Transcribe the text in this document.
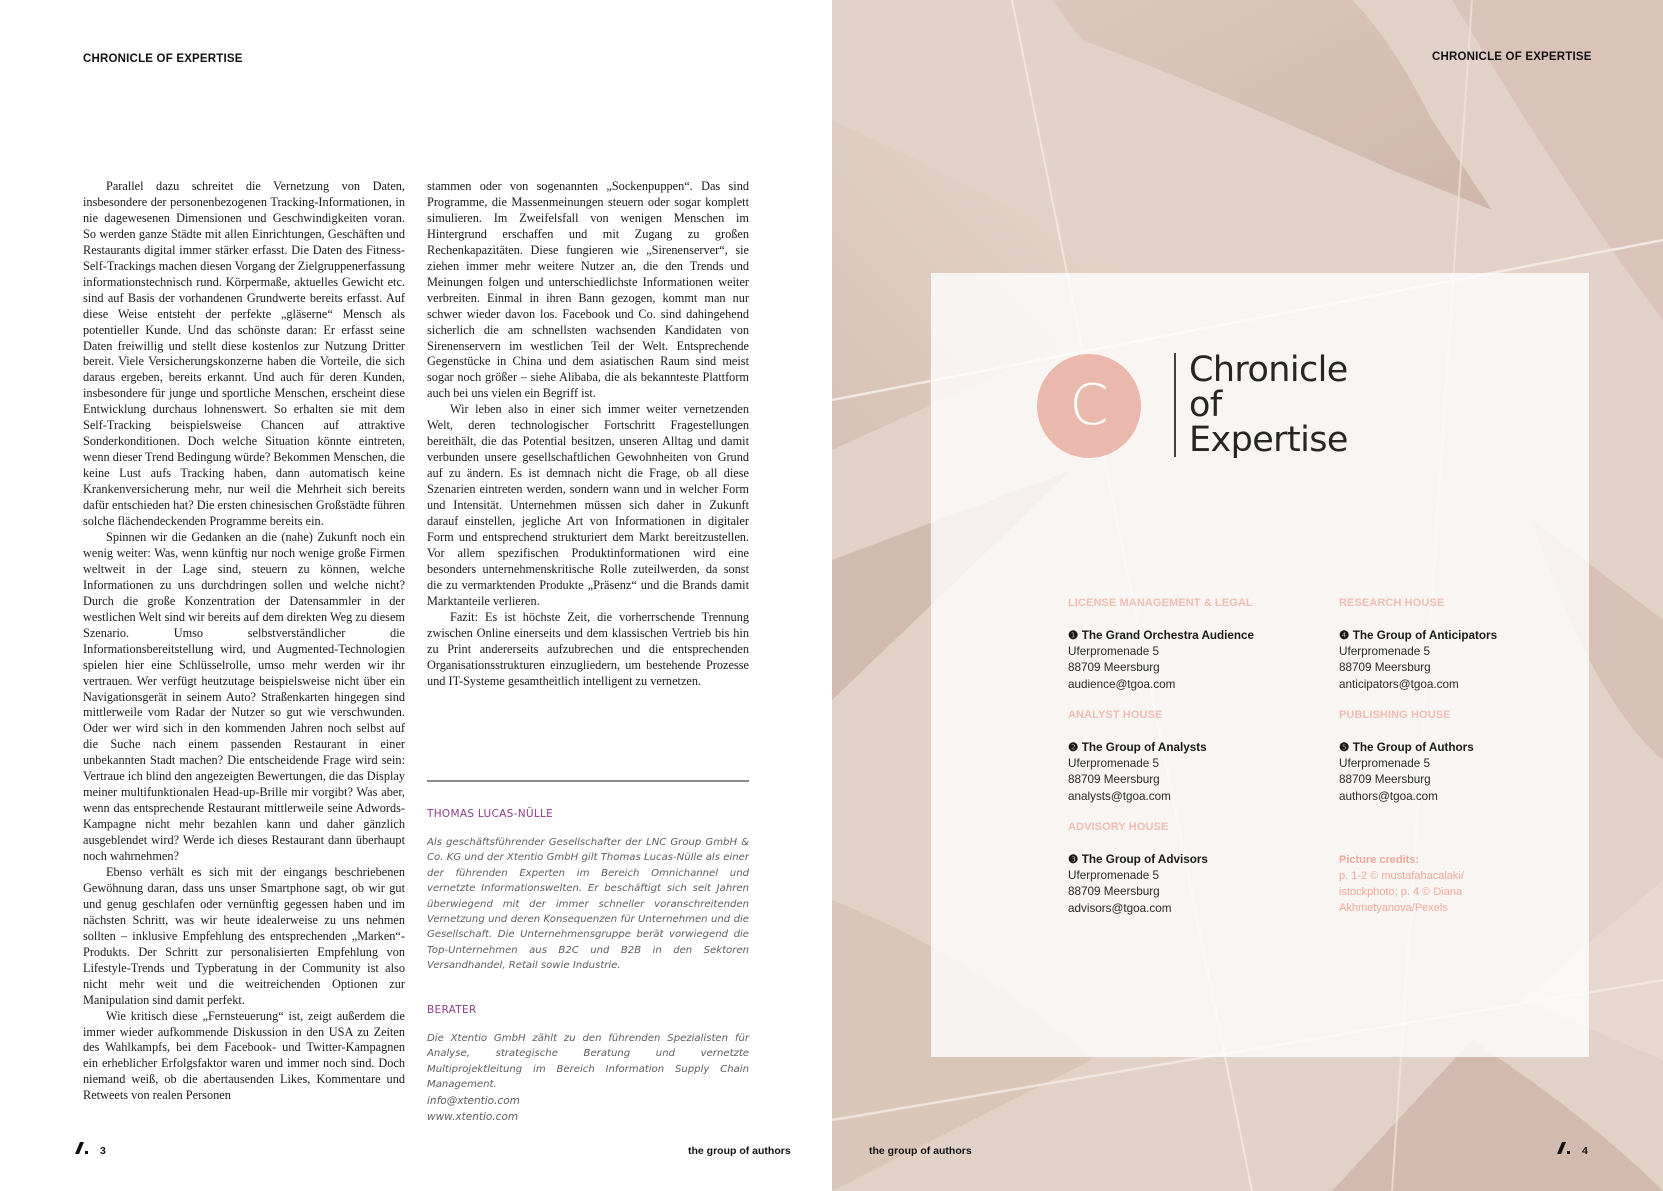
CHRONICLE OF EXPERTISE

Parallel dazu schreitet die Vernetzung von Daten, insbesondere der personenbezogenen Tracking-Informationen, in nie dagewesenen Dimensionen und Geschwindigkeiten voran. So werden ganze Städte mit allen Einrichtungen, Geschäften und Restaurants digital immer stärker erfasst. Die Daten des Fitness-Self-Trackings machen diesen Vorgang der Zielgruppenerfassung informationstechnisch rund. Körpermaße, aktuelles Gewicht etc. sind auf Basis der vorhandenen Grundwerte bereits erfasst. Auf diese Weise entsteht der perfekte „gläserne“ Mensch als potentieller Kunde. Und das schönste daran: Er erfasst seine Daten freiwillig und stellt diese kostenlos zur Nutzung Dritter bereit. Viele Versicherungskonzerne haben die Vorteile, die sich daraus ergeben, bereits erkannt. Und auch für deren Kunden, insbesondere für junge und sportliche Menschen, erscheint diese Entwicklung durchaus lohnenswert. So erhalten sie mit dem Self-Tracking beispielsweise Chancen auf attraktive Sonderkonditionen. Doch welche Situation könnte eintreten, wenn dieser Trend Bedingung würde? Bekommen Menschen, die keine Lust aufs Tracking haben, dann automatisch keine Krankenversicherung mehr, nur weil die Mehrheit sich bereits dafür entschieden hat? Die ersten chinesischen Großstädte führen solche flächendeckenden Programme bereits ein.

Spinnen wir die Gedanken an die (nahe) Zukunft noch ein wenig weiter: Was, wenn künftig nur noch wenige große Firmen weltweit in der Lage sind, steuern zu können, welche Informationen zu uns durchdringen sollen und welche nicht? Durch die große Konzentration der Datensammler in der westlichen Welt sind wir bereits auf dem direkten Weg zu diesem Szenario. Umso selbstverständlicher die Informationsbereitstellung wird, und Augmented-Technologien spielen hier eine Schlüsselrolle, umso mehr werden wir ihr vertrauen. Wer verfügt heutzutage beispielsweise nicht über ein Navigationsgerät in seinem Auto? Straßenkarten hingegen sind mittlerweile vom Radar der Nutzer so gut wie verschwunden. Oder wer wird sich in den kommenden Jahren noch selbst auf die Suche nach einem passenden Restaurant in einer unbekannten Stadt machen? Die entscheidende Frage wird sein: Vertraue ich blind den angezeigten Bewertungen, die das Display meiner multifunktionalen Head-up-Brille mir vorgibt? Was aber, wenn das entsprechende Restaurant mittlerweile seine Adwords-Kampagne nicht mehr bezahlen kann und daher gänzlich ausgeblendet wird? Werde ich dieses Restaurant dann überhaupt noch wahrnehmen?

Ebenso verhält es sich mit der eingangs beschriebenen Gewöhnung daran, dass uns unser Smartphone sagt, ob wir gut und genug geschlafen oder vernünftig gegessen haben und im nächsten Schritt, was wir heute idealerweise zu uns nehmen sollten – inklusive Empfehlung des entsprechenden „Marken“-Produkts. Der Schritt zur personalisierten Empfehlung von Lifestyle-Trends und Typberatung in der Community ist also nicht mehr weit und die weitreichenden Optionen zur Manipulation sind damit perfekt.

Wie kritisch diese „Fernsteuerung“ ist, zeigt außerdem die immer wieder aufkommende Diskussion in den USA zu Zeiten des Wahlkampfs, bei dem Facebook- und Twitter-Kampagnen ein erheblicher Erfolgsfaktor waren und immer noch sind. Doch niemand weiß, ob die abertausenden Likes, Kommentare und Retweets von realen Personen

stammen oder von sogenannten „Sockenpuppen“. Das sind Programme, die Massenmeinungen steuern oder sogar komplett simulieren. Im Zweifelsfall von wenigen Menschen im Hintergrund erschaffen und mit Zugang zu großen Rechenkapazitäten. Diese fungieren wie „Sirenenserver“, sie ziehen immer mehr weitere Nutzer an, die den Trends und Meinungen folgen und unterschiedlichste Informationen weiter verbreiten. Einmal in ihren Bann gezogen, kommt man nur schwer wieder davon los. Facebook und Co. sind dahingehend sicherlich die am schnellsten wachsenden Kandidaten von Sirenenservern im westlichen Teil der Welt. Entsprechende Gegenstücke in China und dem asiatischen Raum sind meist sogar noch größer – siehe Alibaba, die als bekannteste Plattform auch bei uns vielen ein Begriff ist.

Wir leben also in einer sich immer weiter vernetzenden Welt, deren technologischer Fortschritt Fragestellungen bereithält, die das Potential besitzen, unseren Alltag und damit verbunden unsere gesellschaftlichen Gewohnheiten von Grund auf zu ändern. Es ist demnach nicht die Frage, ob all diese Szenarien eintreten werden, sondern wann und in welcher Form und Intensität. Unternehmen müssen sich daher in Zukunft darauf einstellen, jegliche Art von Informationen in digitaler Form und entsprechend strukturiert dem Markt bereitzustellen. Vor allem spezifischen Produktinformationen wird eine besonders unternehmenskritische Rolle zuteilwerden, da sonst die zu vermarktenden Produkte „Präsenz“ und die Brands damit Marktanteile verlieren.

Fazit: Es ist höchste Zeit, die vorherrschende Trennung zwischen Online einerseits und dem klassischen Vertrieb bis hin zu Print andererseits aufzubrechen und die entsprechenden Organisationsstrukturen einzugliedern, um bestehende Prozesse und IT-Systeme gesamtheitlich intelligent zu vernetzen.

THOMAS LUCAS-NÜLLE
Als geschäftsführender Gesellschafter der LNC Group GmbH & Co. KG und der Xtentio GmbH gilt Thomas Lucas-Nülle als einer der führenden Experten im Bereich Omnichannel und vernetzte Informationswelten. Er beschäftigt sich seit Jahren überwiegend mit der immer schneller voranschreitenden Vernetzung und deren Konsequenzen für Unternehmen und die Gesellschaft. Die Unternehmensgruppe berät vorwiegend die Top-Unternehmen aus B2C und B2B in den Sektoren Versandhandel, Retail sowie Industrie.
BERATER
Die Xtentio GmbH zählt zu den führenden Spezialisten für Analyse, strategische Beratung und vernetzte Multiprojektleitung im Bereich Information Supply Chain Management.
info@xtentio.com
www.xtentio.com
3	the group of authors
CHRONICLE OF EXPERTISE
C
Chronicle
of
Expertise
LICENSE MANAGEMENT & LEGAL
❶ The Grand Orchestra Audience
Uferpromenade 5
88709 Meersburg
audience@tgoa.com
RESEARCH HOUSE
❹ The Group of Anticipators
Uferpromenade 5
88709 Meersburg
anticipators@tgoa.com
ANALYST HOUSE
❷ The Group of Analysts
Uferpromenade 5
88709 Meersburg
analysts@tgoa.com
PUBLISHING HOUSE
❺ The Group of Authors
Uferpromenade 5
88709 Meersburg
authors@tgoa.com
ADVISORY HOUSE
❸ The Group of Advisors
Uferpromenade 5
88709 Meersburg
advisors@tgoa.com
Picture credits:
p. 1-2 © mustafahacalaki/
istockphoto; p. 4 © Diana
Akhmetyanova/Pexels
the group of authors	4
